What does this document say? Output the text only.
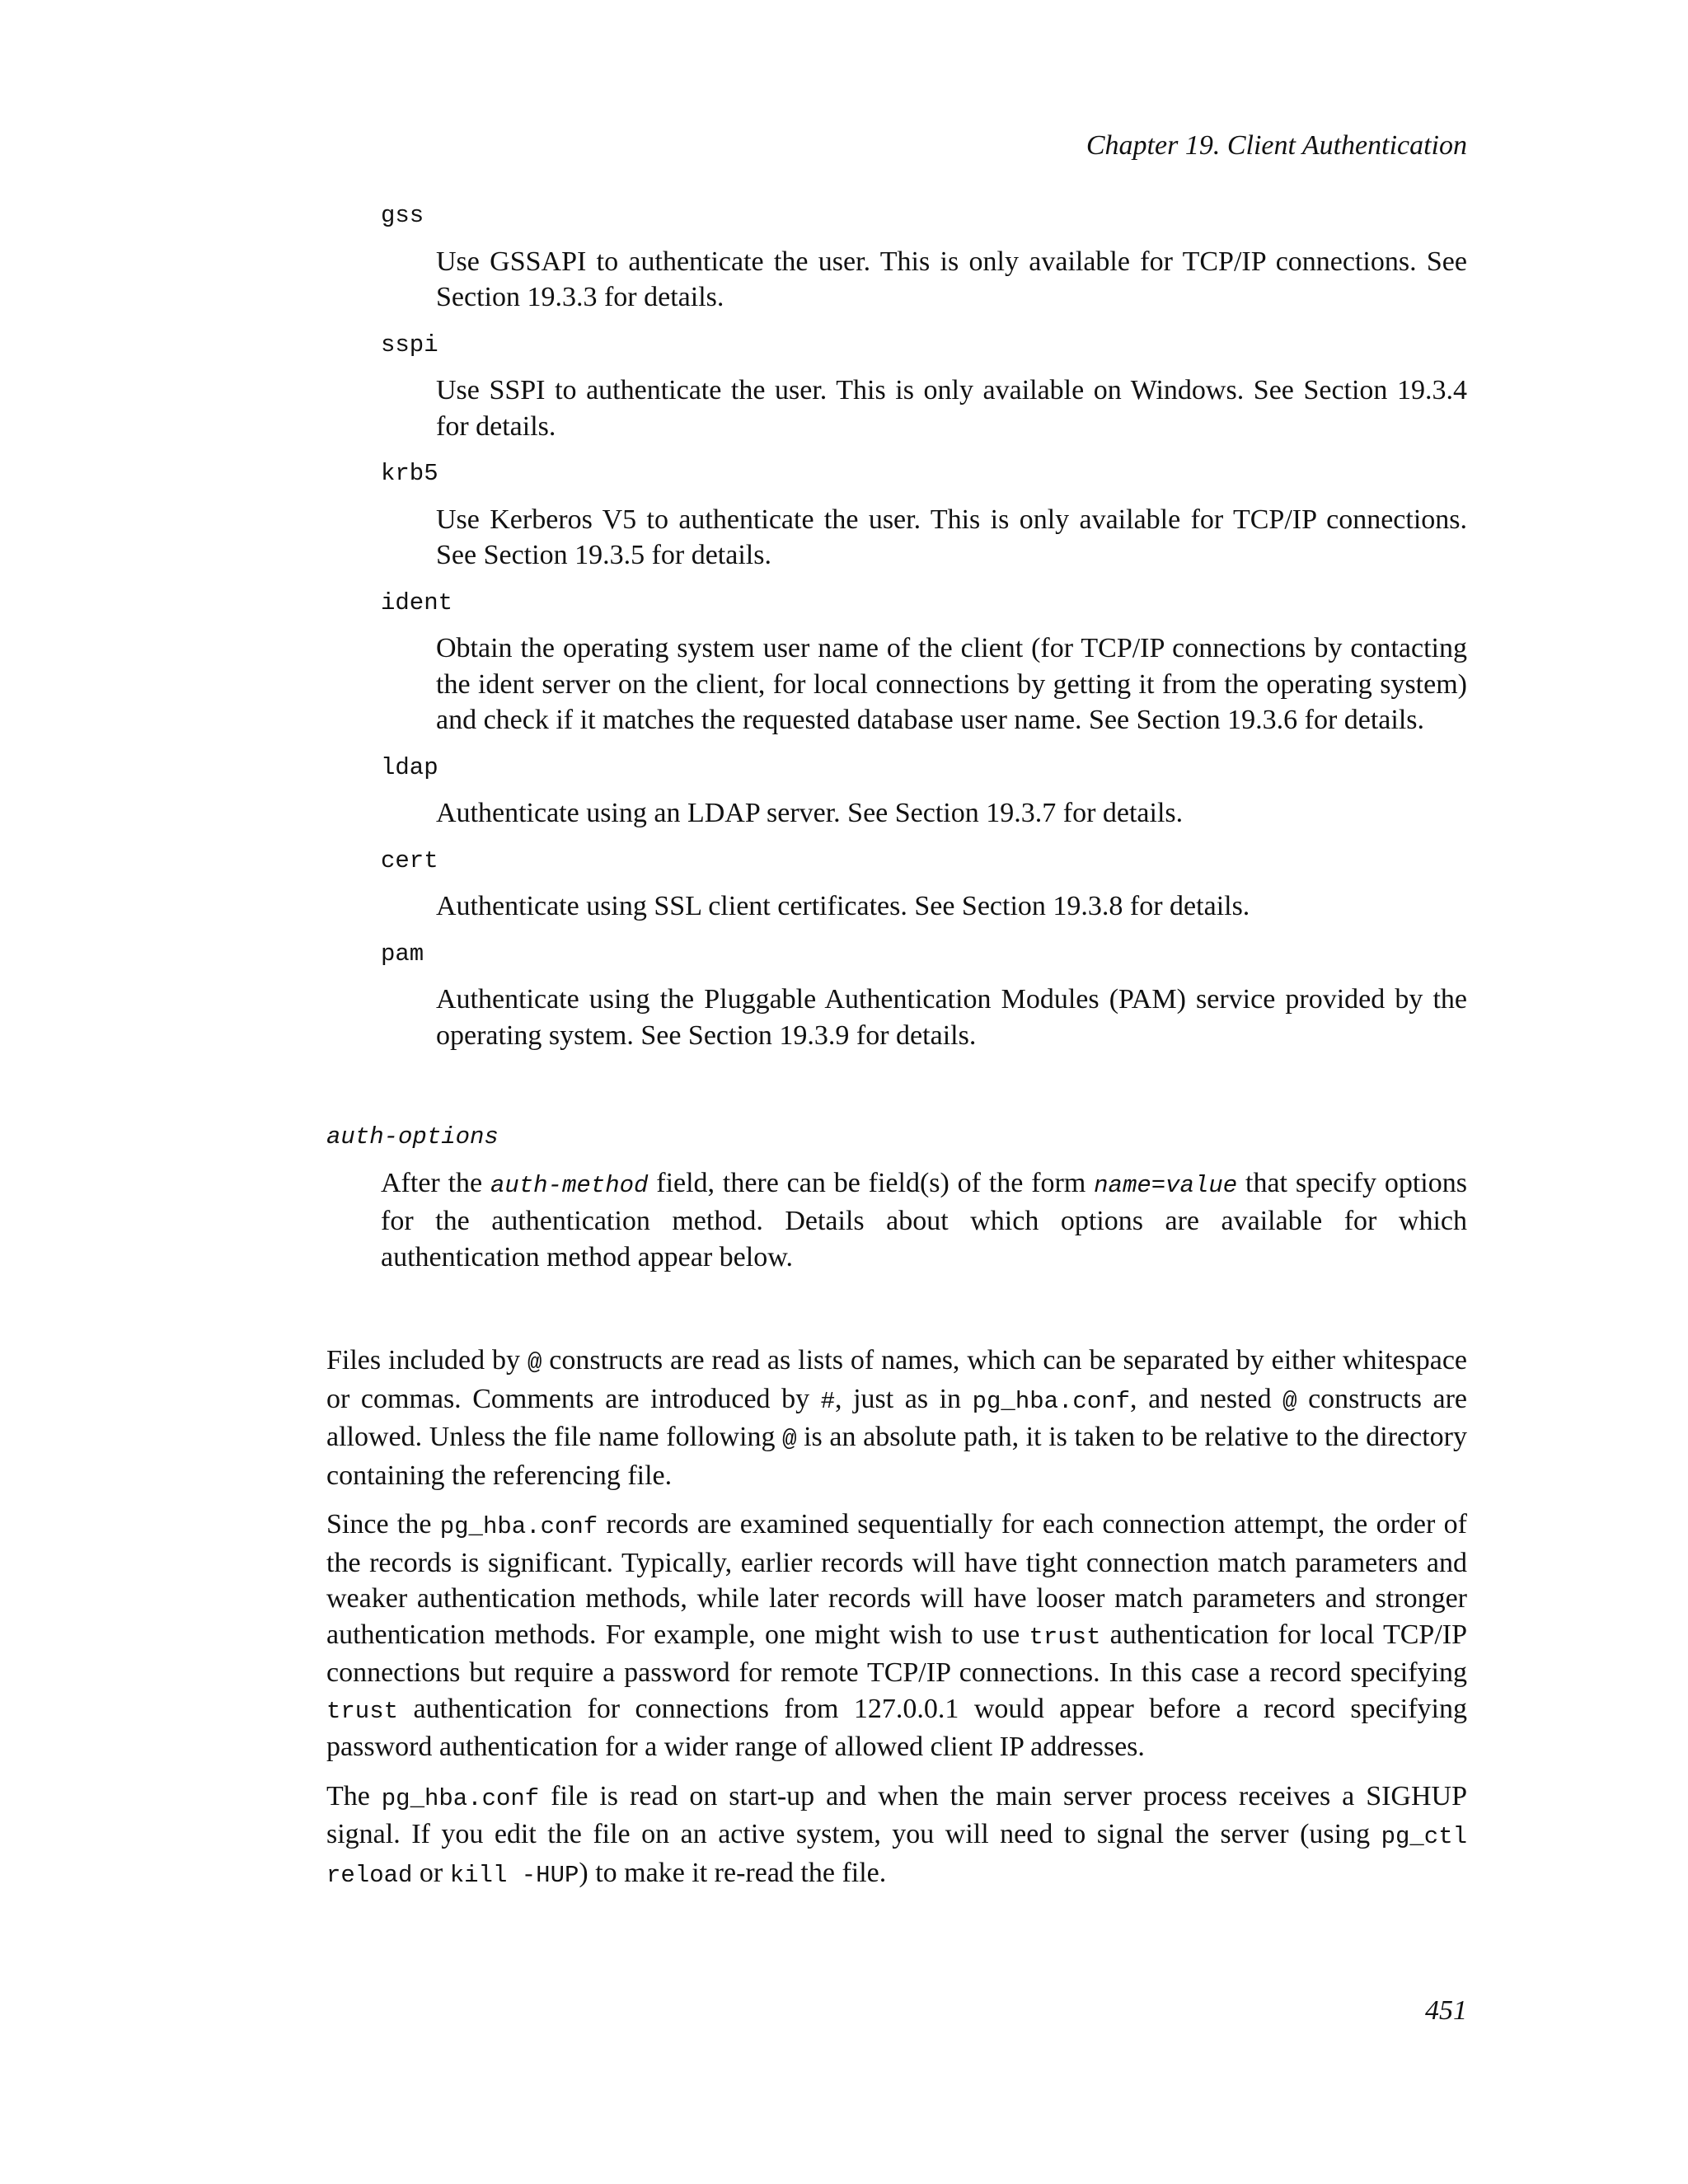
Chapter 19. Client Authentication
gss
Use GSSAPI to authenticate the user. This is only available for TCP/IP connections. See Section 19.3.3 for details.
sspi
Use SSPI to authenticate the user. This is only available on Windows. See Section 19.3.4 for details.
krb5
Use Kerberos V5 to authenticate the user. This is only available for TCP/IP connections. See Section 19.3.5 for details.
ident
Obtain the operating system user name of the client (for TCP/IP connections by contacting the ident server on the client, for local connections by getting it from the operating system) and check if it matches the requested database user name. See Section 19.3.6 for details.
ldap
Authenticate using an LDAP server. See Section 19.3.7 for details.
cert
Authenticate using SSL client certificates. See Section 19.3.8 for details.
pam
Authenticate using the Pluggable Authentication Modules (PAM) service provided by the operating system. See Section 19.3.9 for details.
auth-options
After the auth-method field, there can be field(s) of the form name=value that specify options for the authentication method. Details about which options are available for which authentication method appear below.

Files included by @ constructs are read as lists of names, which can be separated by either whitespace or commas. Comments are introduced by #, just as in pg_hba.conf, and nested @ constructs are allowed. Unless the file name following @ is an absolute path, it is taken to be relative to the directory containing the referencing file.

Since the pg_hba.conf records are examined sequentially for each connection attempt, the order of the records is significant. Typically, earlier records will have tight connection match parameters and weaker authentication methods, while later records will have looser match parameters and stronger authentication methods. For example, one might wish to use trust authentication for local TCP/IP connections but require a password for remote TCP/IP connections. In this case a record specifying trust authentication for connections from 127.0.0.1 would appear before a record specifying password authentication for a wider range of allowed client IP addresses.

The pg_hba.conf file is read on start-up and when the main server process receives a SIGHUP signal. If you edit the file on an active system, you will need to signal the server (using pg_ctl reload or kill -HUP) to make it re-read the file.

451
